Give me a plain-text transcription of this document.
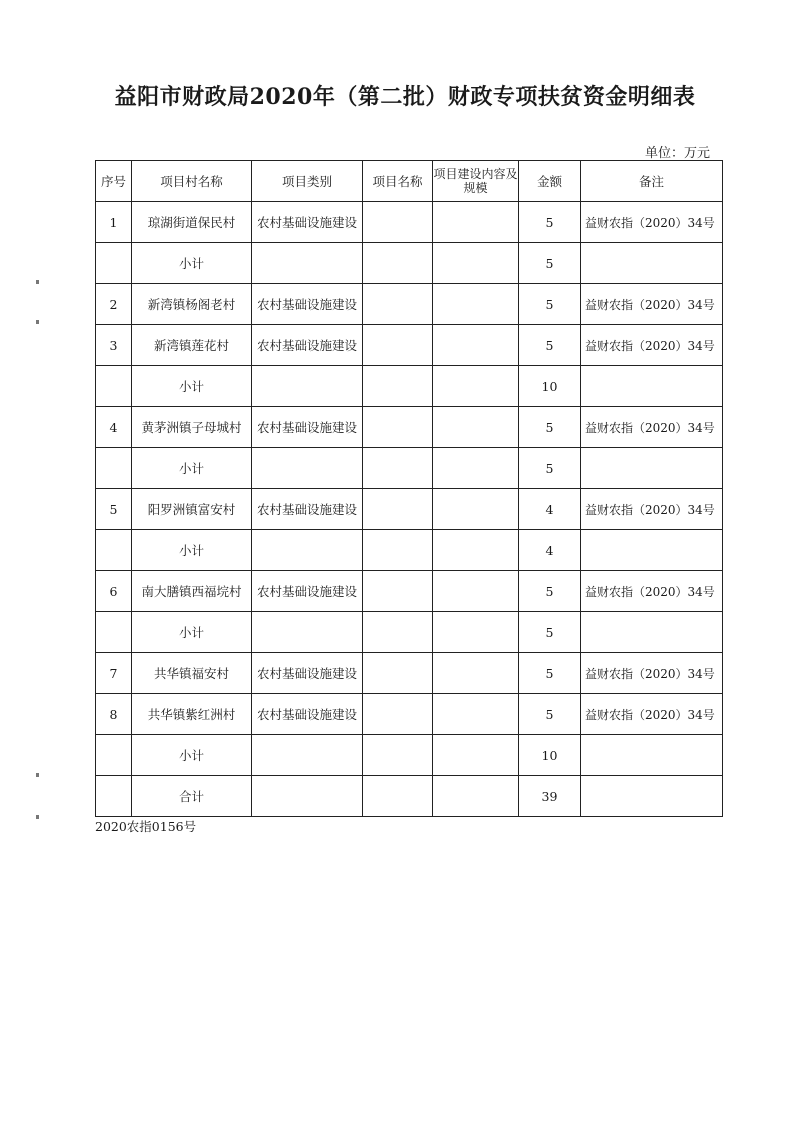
益阳市财政局2020年（第二批）财政专项扶贫资金明细表
单位：万元
序号	项目村名称	项目类别	项目名称	项目建设内容及规模	金额	备注
1	琼湖街道保民村	农村基础设施建设			5	益财农指（2020）34号
	小计				5	
2	新湾镇杨阁老村	农村基础设施建设			5	益财农指（2020）34号
3	新湾镇莲花村	农村基础设施建设			5	益财农指（2020）34号
	小计				10	
4	黄茅洲镇子母城村	农村基础设施建设			5	益财农指（2020）34号
	小计				5	
5	阳罗洲镇富安村	农村基础设施建设			4	益财农指（2020）34号
	小计				4	
6	南大膳镇西福垸村	农村基础设施建设			5	益财农指（2020）34号
	小计				5	
7	共华镇福安村	农村基础设施建设			5	益财农指（2020）34号
8	共华镇紫红洲村	农村基础设施建设			5	益财农指（2020）34号
	小计				10	
	合计				39	
2020农指0156号
